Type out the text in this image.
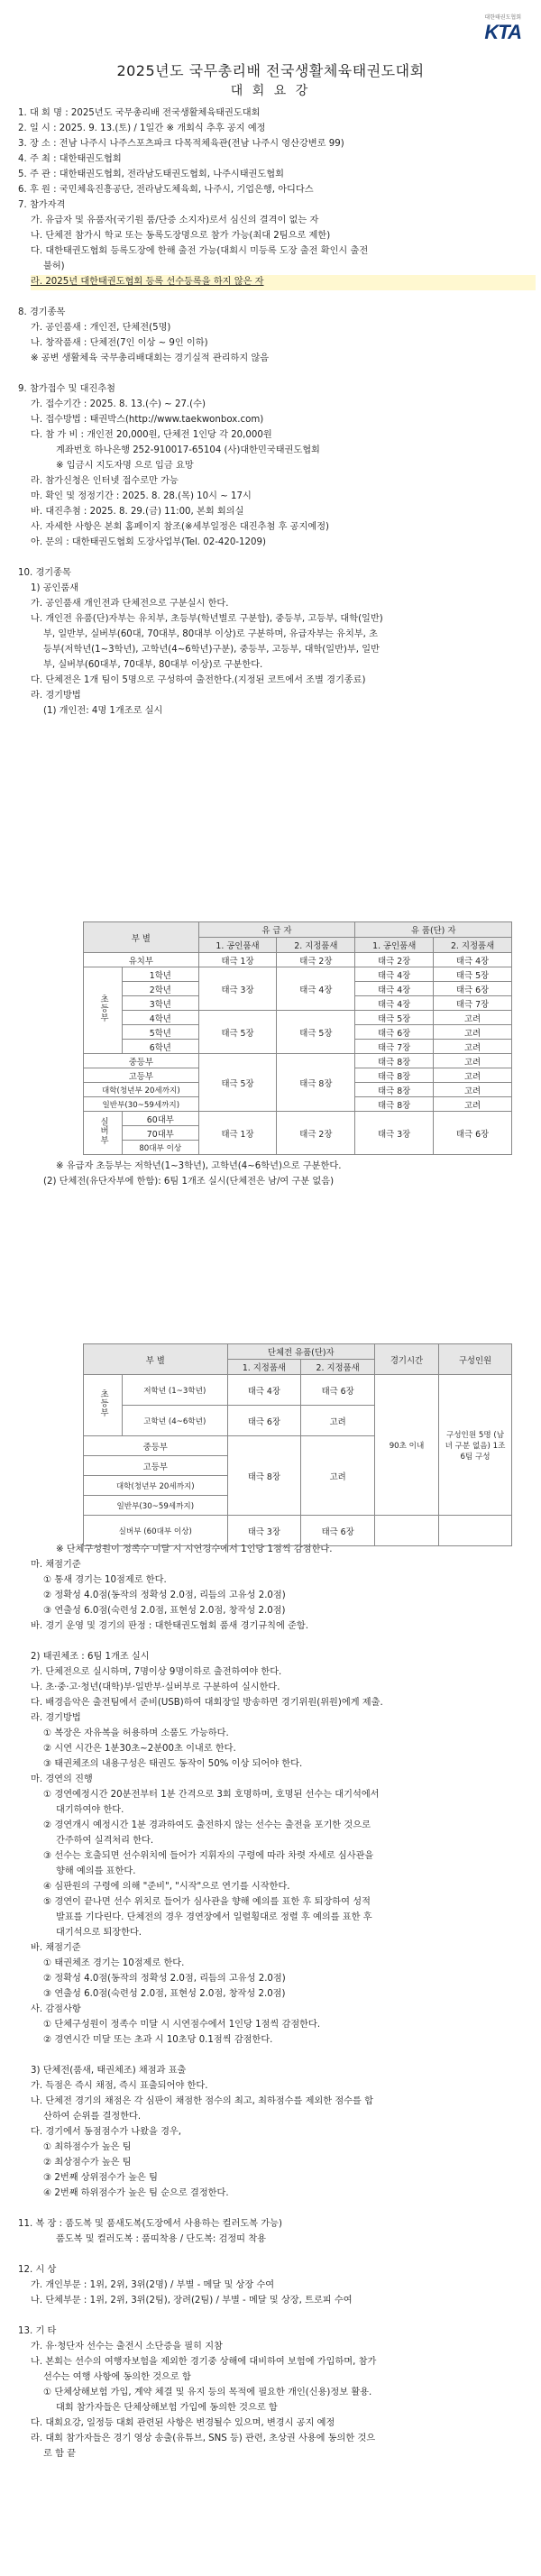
대한태권도협회
KTA
2025년도 국무총리배 전국생활체육태권도대회
대 회 요 강
1. 대 회 명 : 2025년도 국무총리배 전국생활체육태권도대회
2. 일 시 : 2025. 9. 13.(토) / 1일간 ※ 개회식 추후 공지 예정
3. 장 소 : 전남 나주시 나주스포츠파크 다목적체육관(전남 나주시 영산강변로 99)
4. 주 최 : 대한태권도협회
5. 주 관 : 대한태권도협회, 전라남도태권도협회, 나주시태권도협회
6. 후 원 : 국민체육진흥공단, 전라남도체육회, 나주시, 기업은행, 아디다스
7. 참가자격
가. 유급자 및 유품자(국기원 품/단증 소지자)로서 심신의 결격이 없는 자
나. 단체전 참가시 학교 또는 동록도장명으로 참가 가능(최대 2팀으로 제한)
다. 대한태권도협회 등록도장에 한해 출전 가능(대회시 미등록 도장 출전 확인시 출전
불허)
라. 2025년 대한태권도협회 등록 선수등록을 하지 않은 자
8. 경기종목
가. 공인품새 : 개인전, 단체전(5명)
나. 창작품새 : 단체전(7인 이상 ~ 9인 이하)
※ 공변 생활체육 국무총리배대회는 경기실적 관리하지 않음
9. 참가접수 및 대진추첨
가. 접수기간 : 2025. 8. 13.(수) ~ 27.(수)
나. 접수방법 : 태권박스(http://www.taekwonbox.com)
다. 참 가 비 : 개인전 20,000원, 단체전 1인당 각 20,000원
계좌번호 하나은행 252-910017-65104 (사)대한민국태권도협회
※ 입금시 지도자명 으로 입금 요망
라. 참가신청은 인터넷 접수로만 가능
마. 확인 및 정정기간 : 2025. 8. 28.(목) 10시 ~ 17시
바. 대진추첨 : 2025. 8. 29.(금) 11:00, 본회 회의실
사. 자세한 사항은 본회 홈페이지 참조(※세부일정은 대진추첨 후 공지예정)
아. 문의 : 대한태권도협회 도장사업부(Tel. 02-420-1209)
10. 경기종목
1) 공인품새
가. 공인품새 개인전과 단체전으로 구분실시 한다.
나. 개인전 유품(단)자부는 유치부, 초등부(학년별로 구분함), 중등부, 고등부, 대학(일반)
부, 일반부, 실버부(60대, 70대부, 80대부 이상)로 구분하며, 유급자부는 유치부, 초
등부(저학년(1~3학년), 고학년(4~6학년)구분), 중등부, 고등부, 대학(일반)부, 일반
부, 실버부(60대부, 70대부, 80대부 이상)로 구분한다.
다. 단체전은 1개 팀이 5명으로 구성하여 출전한다.(지정된 코트에서 조별 경기종료)
라. 경기방법
(1) 개인전: 4명 1개조로 실시
※ 유급자 초등부는 저학년(1~3학년), 고학년(4~6학년)으로 구분한다.
(2) 단체전(유단자부에 한함): 6팀 1개조 실시(단체전은 남/여 구분 없음)
※ 단체구성원이 정족수 미달 시 시연경수에서 1인당 1점씩 감점한다.
마. 채점기준
① 통새 경기는 10점제로 한다.
② 정확성 4.0점(동작의 정확성 2.0점, 리듬의 고유성 2.0점)
③ 연출성 6.0점(숙련성 2.0점, 표현성 2.0점, 창작성 2.0점)
바. 경기 운영 및 경기의 판정 : 대한태권도협회 품새 경기규칙에 준함.
2) 태권체조 : 6팀 1개조 실시
가. 단체전으로 실시하며, 7명이상 9명이하로 출전하여야 한다.
나. 초·중·고·청년(대학)부·일반부·실버부로 구분하여 실시한다.
다. 배경음악은 출전팀에서 준비(USB)하여 대회장일 방송하면 경기위원(위원)에게 제출.
라. 경기방법
① 복장은 자유복을 허용하며 소품도 가능하다.
② 시연 시간은 1분30초~2분00초 이내로 한다.
③ 태권체조의 내용구성은 태권도 동작이 50% 이상 되어야 한다.
마. 경연의 진행
① 경연예정시간 20분전부터 1분 간격으로 3회 호명하며, 호명된 선수는 대기석에서
대기하여야 한다.
② 경연개시 예정시간 1분 경과하여도 출전하지 않는 선수는 출전을 포기한 것으로
간주하여 실격처리 한다.
③ 선수는 호출되면 선수위치에 들어가 지휘자의 구령에 따라 차렷 자세로 심사관을
향해 예의를 표한다.
④ 심판원의 구령에 의해 "준비", "시작"으로 연기를 시작한다.
⑤ 경연이 끝나면 선수 위치로 들어가 심사관을 향해 예의를 표한 후 퇴장하여 성적
발표를 기다린다. 단체전의 경우 경연장에서 일렬횡대로 정렬 후 예의를 표한 후
대기석으로 퇴장한다.
바. 채점기준
① 태권체조 경기는 10점제로 한다.
② 정확성 4.0점(동작의 정확성 2.0점, 리듬의 고유성 2.0점)
③ 연출성 6.0점(숙련성 2.0점, 표현성 2.0점, 창작성 2.0점)
사. 감점사항
① 단체구성원이 정족수 미달 시 시연점수에서 1인당 1점씩 감점한다.
② 경연시간 미달 또는 초과 시 10초당 0.1점씩 감점한다.
3) 단체전(품새, 태권체조) 채점과 표출
가. 득점은 즉시 채점, 즉시 표출되어야 한다.
나. 단체전 경기의 채점은 각 심판이 채점한 점수의 최고, 최하점수를 제외한 점수를 합
산하여 순위를 결정한다.
다. 경기에서 동점점수가 나왔을 경우,
① 최하점수가 높은 팀
② 최상점수가 높은 팀
③ 2번째 상위점수가 높은 팀
④ 2번째 하위점수가 높은 팀 순으로 결정한다.
11. 복 장 : 품도복 및 품새도복(도장에서 사용하는 컬러도복 가능)
품도복 및 컬러도복 : 품띠착용 / 단도복: 검정띠 착용
12. 시 상
가. 개인부문 : 1위, 2위, 3위(2명) / 부별 - 메달 및 상장 수여
나. 단체부문 : 1위, 2위, 3위(2팀), 장려(2팀) / 부별 - 메달 및 상장, 트로피 수여
13. 기 타
가. 유·청단자 선수는 출전시 소단증을 필히 지참
나. 본회는 선수의 여행자보험을 제외한 경기중 상해에 대비하여 보험에 가입하며, 참가
선수는 여행 사항에 동의한 것으로 함
① 단체상해보험 가입, 계약 체결 및 유지 등의 목적에 필요한 개인(신용)정보 활용.
대회 참가자들은 단체상해보험 가입에 동의한 것으로 함
다. 대회요강, 일정등 대회 관련된 사항은 변경될수 있으며, 변경시 공지 예정
라. 대회 참가자들은 경기 영상 송출(유튜브, SNS 등) 관련, 초상권 사용에 동의한 것으
로 함 끝
부 별		유 급 자		유 품(단) 자	
		1. 공인품새	2. 지정품새	1. 공인품새	2. 지정품새
유치부		태극 1장	태극 2장	태극 2장	태극 4장
초등부	1학년	태극 3장	태극 4장	태극 4장	태극 5장
	2학년			태극 4장	태극 6장
	3학년			태극 4장	태극 7장
	4학년	태극 5장	태극 5장	태극 5장	고려
	5학년			태극 6장	고려
	6학년			태극 7장	고려
중등부		태극 5장	태극 8장	태극 8장	고려
고등부				태극 8장	고려
대학(청년부 20세까지)				태극 8장	고려
일반부(30~59세까지)				태극 8장	고려
실버부	60대부	태극 1장	태극 2장	태극 3장	태극 6장
	70대부				
	80대부 이상				
부 별		단체전 유품(단)자		경기시간	구성인원
		1. 지정품새	2. 지정품새		
초등부	저학년 (1~3학년)	태극 4장	태극 6장	90초 이내	구성인원 5명 (남녀 구분 없음) 1조 6팀 구성
	고학년 (4~6학년)	태극 6장	고려		
중등부		태극 8장	고려		
고등부					
대학(청년부 20세까지)					
일반부(30~59세까지)					
실버부 (60대부 이상)		태극 3장	태극 6장		
